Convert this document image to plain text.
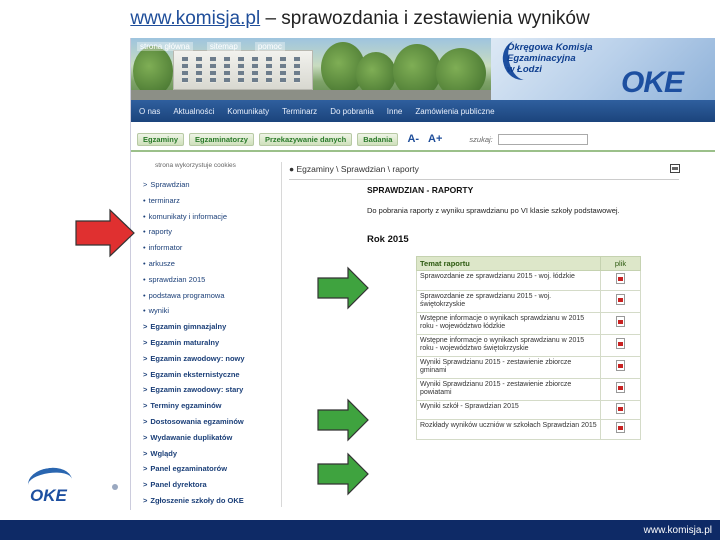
www.komisja.pl – sprawozdania i zestawienia wyników
strona główna	sitemap	pomoc	Okręgowa Komisja
Egzaminacyjna
w Łodzi	OKE
O nas Aktualności Komunikaty Terminarz Do pobrania Inne Zamówienia publiczne
Egzaminy	Egzaminatorzy	Przekazywanie danych	Badania	A- A+	szukaj:
strona wykorzystuje cookies
> Sprawdzian
• terminarz
• komunikaty i informacje
• raporty
• informator
• arkusze
• sprawdzian 2015
• podstawa programowa
• wyniki
> Egzamin gimnazjalny
> Egzamin maturalny
> Egzamin zawodowy: nowy
> Egzamin eksternistyczne
> Egzamin zawodowy: stary
> Terminy egzaminów
> Dostosowania egzaminów
> Wydawanie duplikatów
> Wglądy
> Panel egzaminatorów
> Panel dyrektora
> Zgłoszenie szkoły do OKE
● Egzaminy \ Sprawdzian \ raporty
SPRAWDZIAN - RAPORTY
Do pobrania raporty z wyniku sprawdzianu po VI klasie szkoły podstawowej.
Rok 2015
Temat raportu	plik
Sprawozdanie ze sprawdzianu 2015 - woj. łódzkie	
Sprawozdanie ze sprawdzianu 2015 - woj. świętokrzyskie	
Wstępne informacje o wynikach sprawdzianu w 2015 roku - województwo łódzkie	
Wstępne informacje o wynikach sprawdzianu w 2015 roku - województwo świętokrzyskie	
Wyniki Sprawdzianu 2015 - zestawienie zbiorcze gminami	
Wyniki Sprawdzianu 2015 - zestawienie zbiorcze powiatami	
Wyniki szkół - Sprawdzian 2015	
Rozkłady wyników uczniów w szkołach Sprawdzian 2015	
OKE
www.komisja.pl
